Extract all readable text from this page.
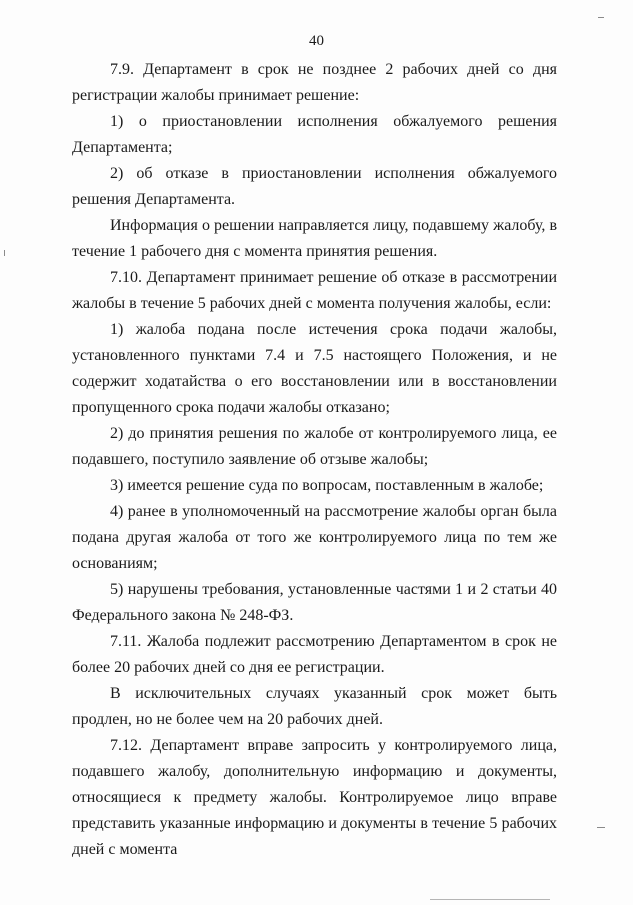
40

7.9. Департамент в срок не позднее 2 рабочих дней со дня регистрации жалобы принимает решение:

1) о приостановлении исполнения обжалуемого решения Департамента;

2) об отказе в приостановлении исполнения обжалуемого решения Департамента.

Информация о решении направляется лицу, подавшему жалобу, в течение 1 рабочего дня с момента принятия решения.

7.10. Департамент принимает решение об отказе в рассмотрении жалобы в течение 5 рабочих дней с момента получения жалобы, если:

1) жалоба подана после истечения срока подачи жалобы, установленного пунктами 7.4 и 7.5 настоящего Положения, и не содержит ходатайства о его восстановлении или в восстановлении пропущенного срока подачи жалобы отказано;

2) до принятия решения по жалобе от контролируемого лица, ее подавшего, поступило заявление об отзыве жалобы;

3) имеется решение суда по вопросам, поставленным в жалобе;

4) ранее в уполномоченный на рассмотрение жалобы орган была подана другая жалоба от того же контролируемого лица по тем же основаниям;

5) нарушены требования, установленные частями 1 и 2 статьи 40 Федерального закона № 248-ФЗ.

7.11. Жалоба подлежит рассмотрению Департаментом в срок не более 20 рабочих дней со дня ее регистрации.

В исключительных случаях указанный срок может быть продлен, но не более чем на 20 рабочих дней.

7.12. Департамент вправе запросить у контролируемого лица, подавшего жалобу, дополнительную информацию и документы, относящиеся к предмету жалобы. Контролируемое лицо вправе представить указанные информацию и документы в течение 5 рабочих дней с момента
